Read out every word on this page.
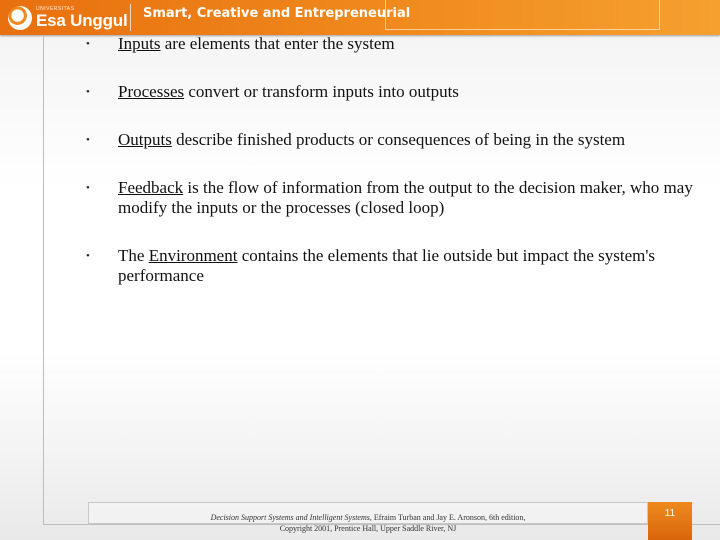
UNIVERSITAS
Esa Unggul Smart, Creative and Entrepreneurial
• Inputs are elements that enter the system
• Processes convert or transform inputs into outputs
• Outputs describe finished products or consequences of being in the system
• Feedback is the flow of information from the output to the decision maker, who may modify the inputs or the processes (closed loop)
• The Environment contains the elements that lie outside but impact the system's performance
Decision Support Systems and Intelligent Systems, Efraim Turban and Jay E. Aronson, 6th edition,
Copyright 2001, Prentice Hall, Upper Saddle River, NJ
11
